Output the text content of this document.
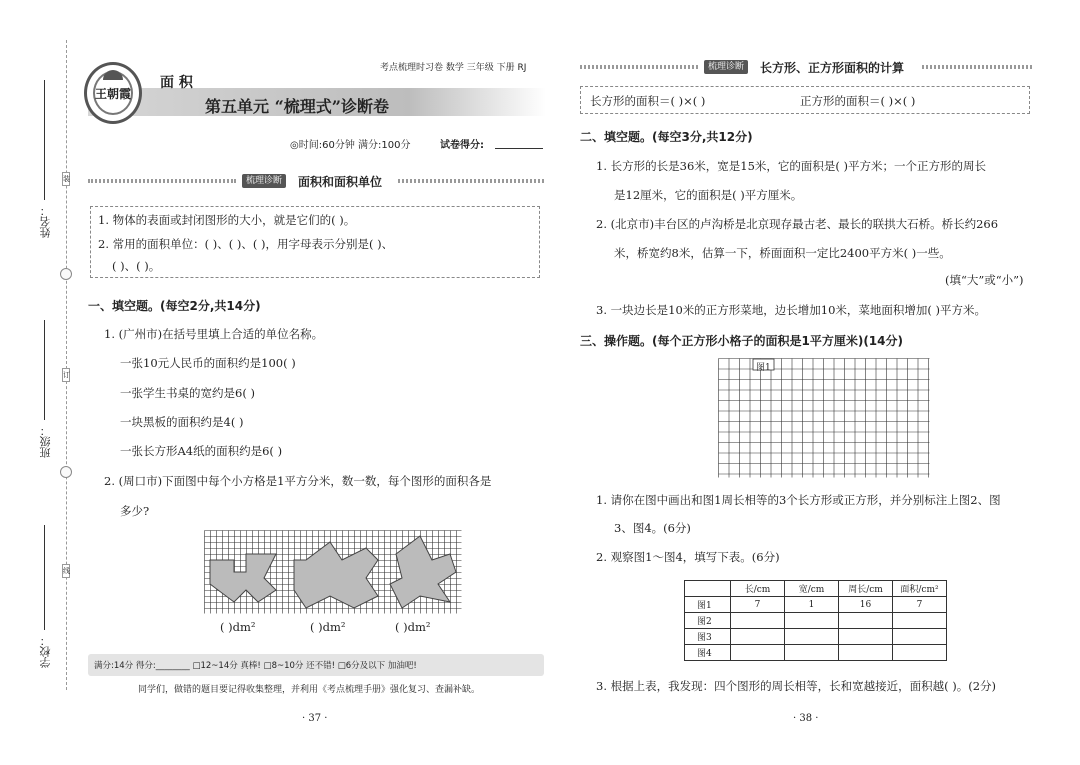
姓名：
班级：
学校：
装
订
线
考点梳理时习卷 数学 三年级 下册 RJ
王朝霞
面 积
第五单元 “梳理式”诊断卷
◎时间:60分钟 满分:100分	试卷得分:
梳理诊断	面积和面积单位
1. 物体的表面或封闭图形的大小，就是它们的( )。
2. 常用的面积单位：( )、( )、( )，用字母表示分别是( )、
( )、( )。
一、填空题。(每空2分,共14分)
1. (广州市)在括号里填上合适的单位名称。
一张10元人民币的面积约是100( )
一张学生书桌的宽约是6( )
一块黑板的面积约是4( )
一张长方形A4纸的面积约是6( )
2. (周口市)下面图中每个小方格是1平方分米，数一数，每个图形的面积各是
多少?
( )dm²	( )dm²	( )dm²
满分:14分 得分:________ □12~14分 真棒! □8~10分 还不错! □6分及以下 加油吧!
同学们，做错的题目要记得收集整理，并利用《考点梳理手册》强化复习、查漏补缺。
· 37 ·
梳理诊断	长方形、正方形面积的计算
长方形的面积＝( )×( )	正方形的面积＝( )×( )
二、填空题。(每空3分,共12分)
1. 长方形的长是36米，宽是15米，它的面积是( )平方米；一个正方形的周长
是12厘米，它的面积是( )平方厘米。
2. (北京市)丰台区的卢沟桥是北京现存最古老、最长的联拱大石桥。桥长约266
米，桥宽约8米，估算一下，桥面面积一定比2400平方米( )一些。
(填“大”或“小”)
3. 一块边长是10米的正方形菜地，边长增加10米，菜地面积增加( )平方米。
三、操作题。(每个正方形小格子的面积是1平方厘米)(14分)
图1
1. 请你在图中画出和图1周长相等的3个长方形或正方形，并分别标注上图2、图
3、图4。(6分)
2. 观察图1～图4，填写下表。(6分)
	长/cm	宽/cm	周长/cm	面积/cm²
图1	7	1	16	7
图2				
图3				
图4				
3. 根据上表，我发现：四个图形的周长相等，长和宽越接近，面积越( )。(2分)
· 38 ·
